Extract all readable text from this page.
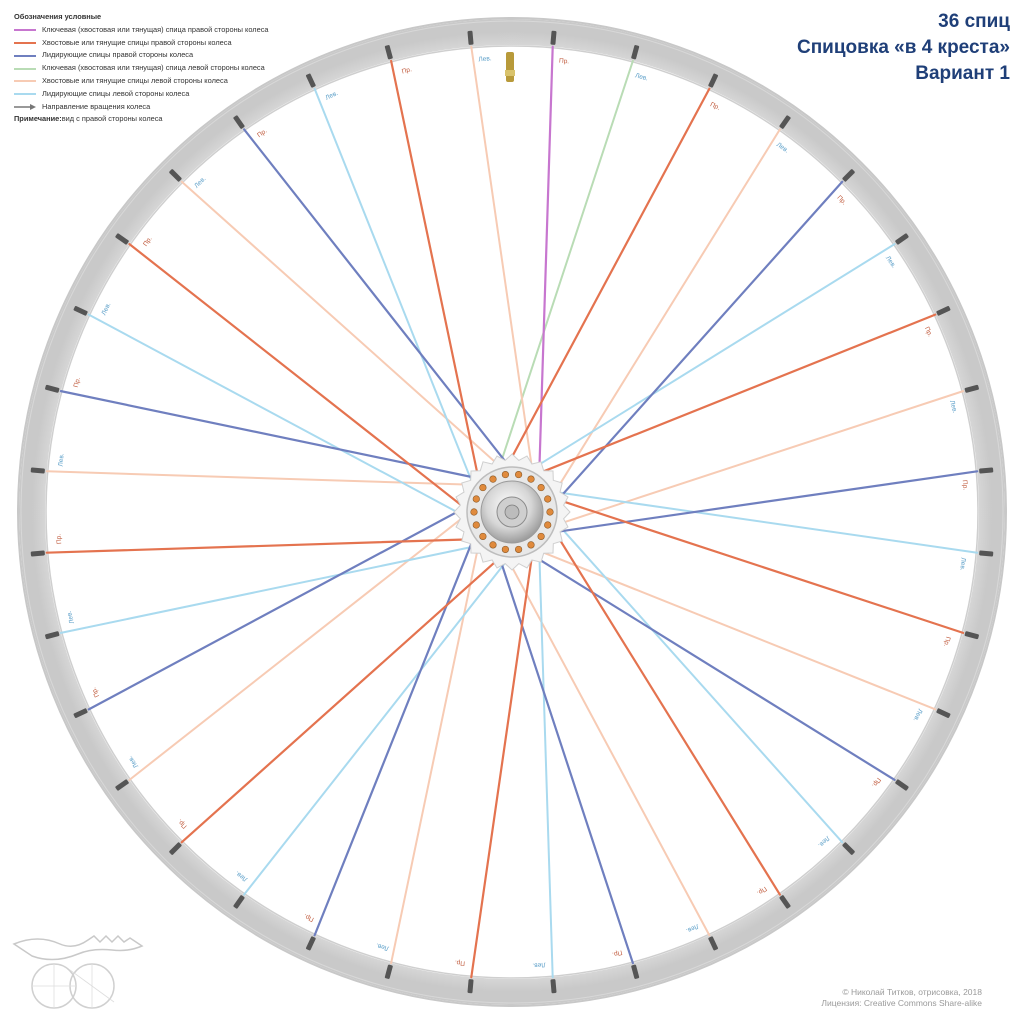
Пр.
Лев.
Пр.
Лев.
Пр.
Лев.
Пр.
Лев.
Пр.
Лев.
Пр.
Лев.
Пр.
Лев.
Пр.
Лев.
Пр.
Лев.
Пр.
Лев.
Пр.
Лев.
Пр.
Лев.
Пр.
Лев.
Пр.
Лев.
Пр.
Лев.
Пр.
Лев.
Пр.
Лев.
Пр.
Лев.
36 спиц
Спицовка «в 4 креста»
Вариант 1
Обозначения условные
Ключевая (хвостовая или тянущая) спица правой стороны колеса
Хвостовые или тянущие спицы правой стороны колеса
Лидирующие спицы правой стороны колеса
Ключевая (хвостовая или тянущая) спица левой стороны колеса
Хвостовые или тянущие спицы левой стороны колеса
Лидирующие спицы левой стороны колеса
Направление вращения колеса
Примечание: вид с правой стороны колеса
© Николай Титков, отрисовка, 2018
Лицензия: Creative Commons Share-alike
